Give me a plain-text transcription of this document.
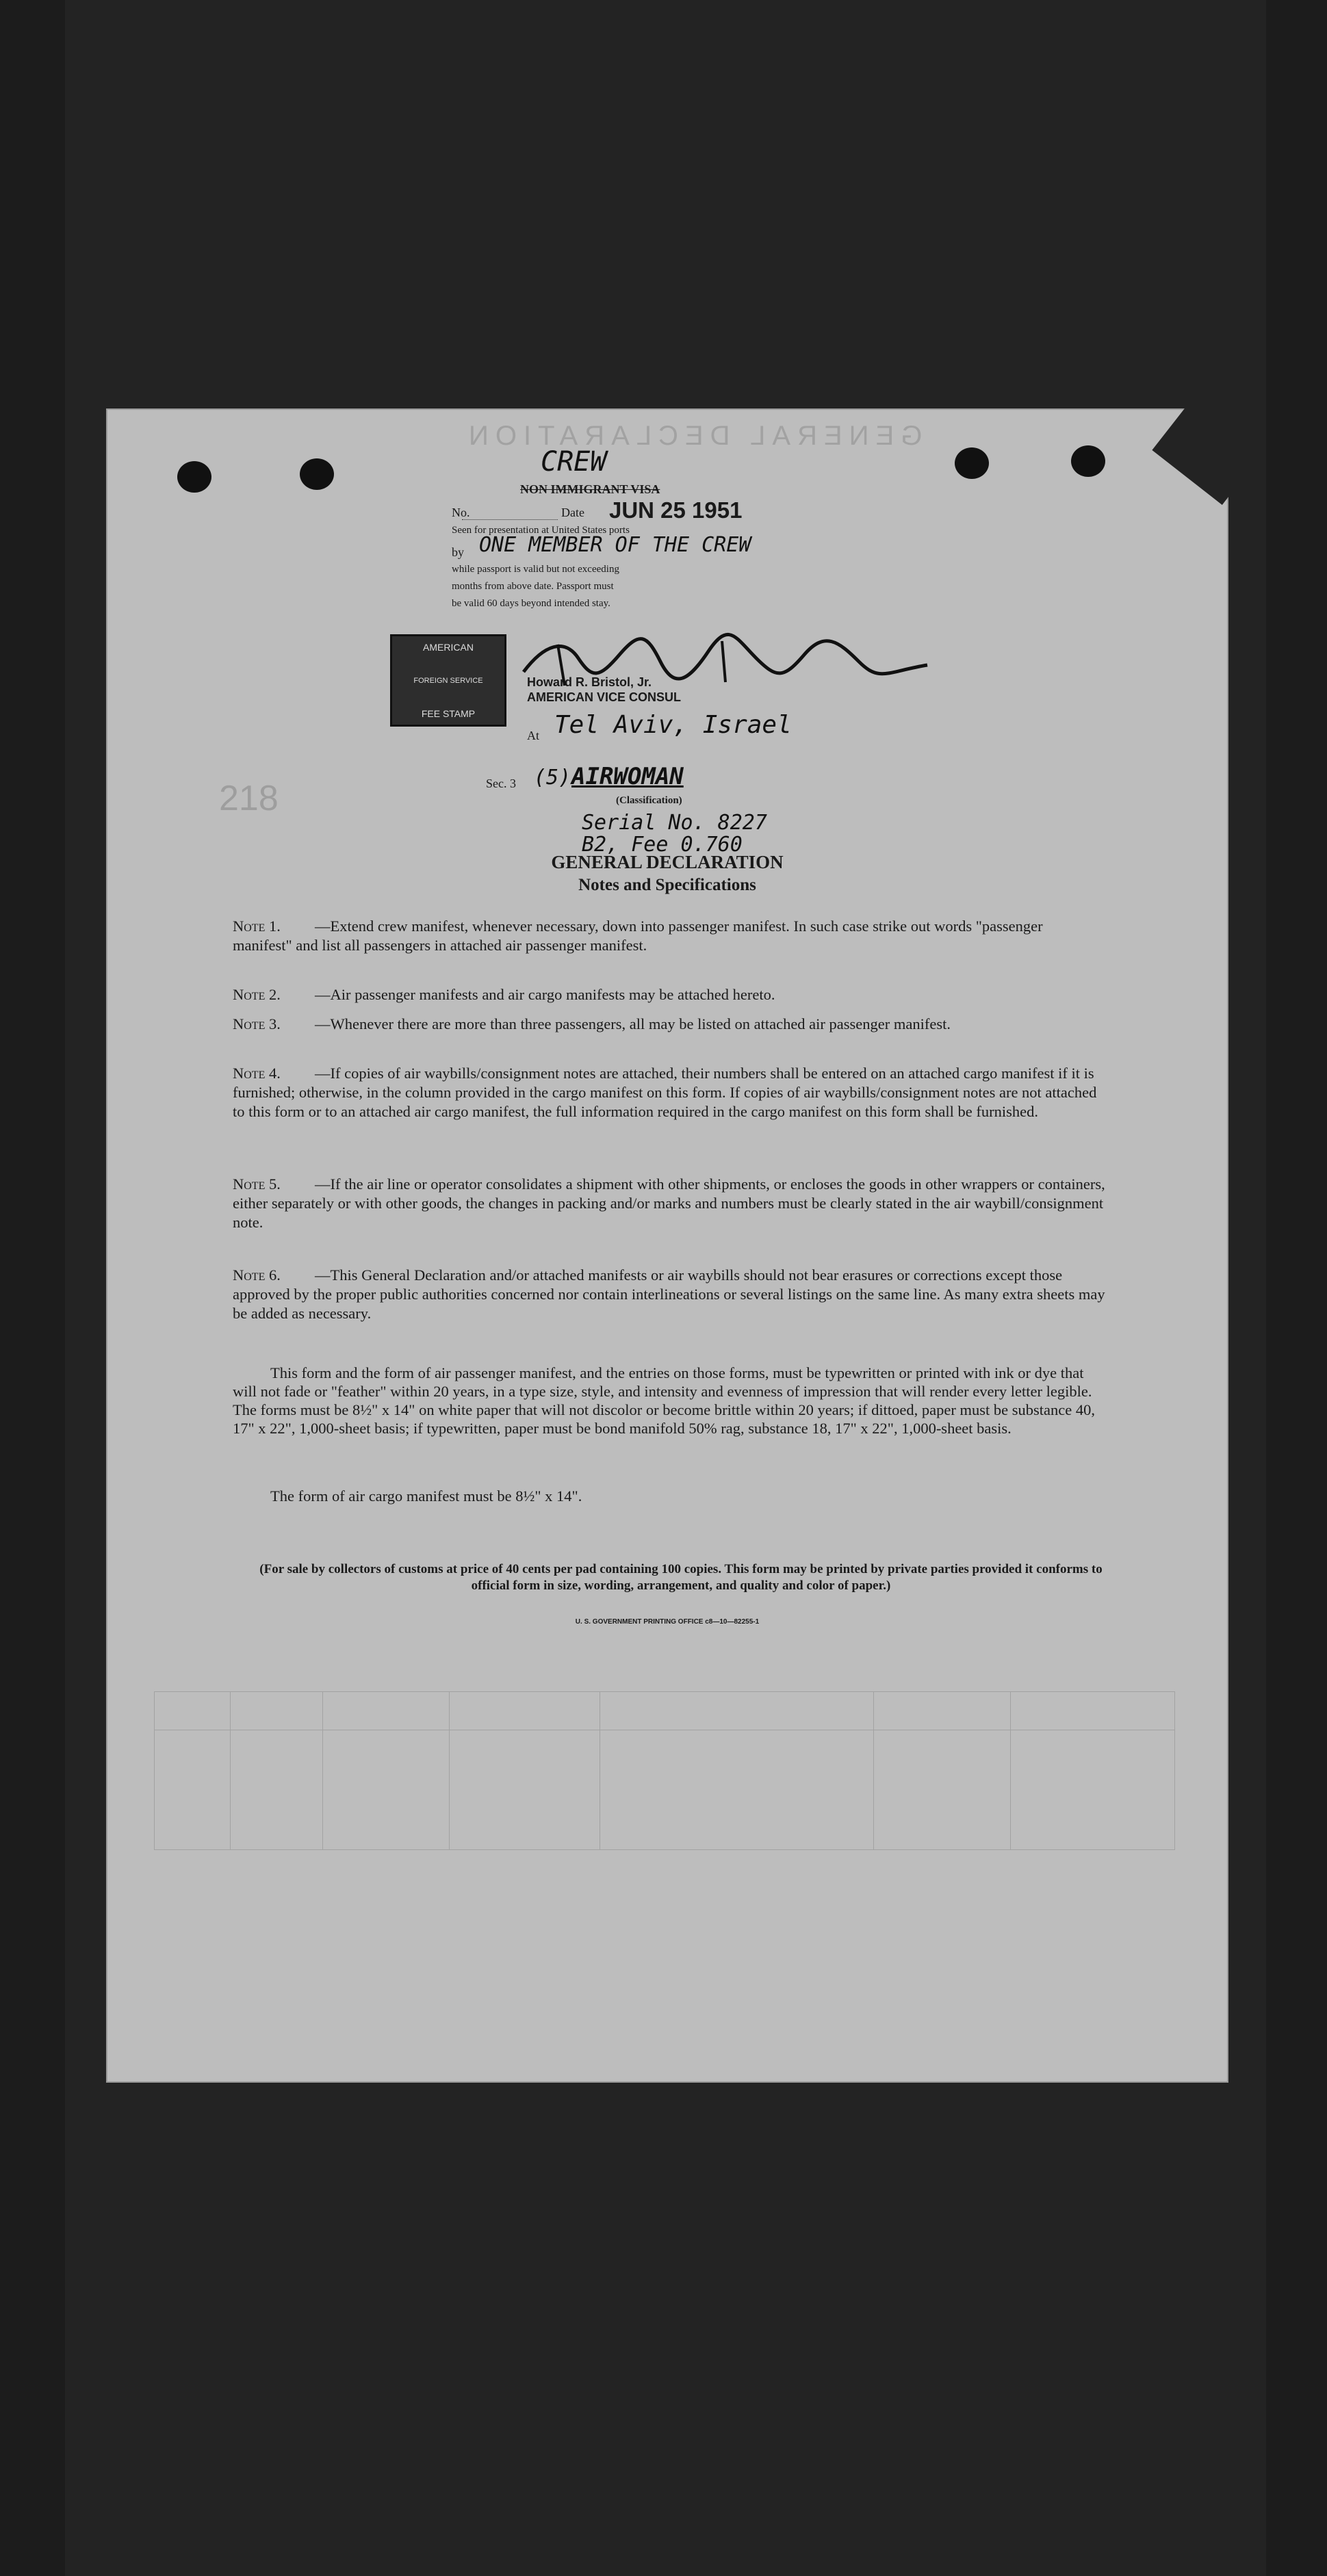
GENERAL DECLARATION
218
CREW
NON IMMIGRANT VISA
No.	Date JUN 25 1951
Seen for presentation at United States ports
by ONE MEMBER OF THE CREW
while passport is valid but not exceeding
months from above date. Passport must
be valid 60 days beyond intended stay.
Howard R. Bristol, Jr.
AMERICAN VICE CONSUL
At Tel Aviv, Israel
Sec. 3 (5) AIRWOMAN
(Classification)
Serial No. 8227
B2, Fee 0.760
AMERICAN
FOREIGN SERVICE
FEE STAMP
GENERAL DECLARATION
Notes and Specifications
Note 1. —Extend crew manifest, whenever necessary, down into passenger manifest. In such case strike out words "passenger manifest" and list all passengers in attached air passenger manifest.
Note 2. —Air passenger manifests and air cargo manifests may be attached hereto.
Note 3. —Whenever there are more than three passengers, all may be listed on attached air passenger manifest.
Note 4. —If copies of air waybills/consignment notes are attached, their numbers shall be entered on an attached cargo manifest if it is furnished; otherwise, in the column provided in the cargo manifest on this form. If copies of air waybills/consignment notes are not attached to this form or to an attached air cargo manifest, the full information required in the cargo manifest on this form shall be furnished.
Note 5. —If the air line or operator consolidates a shipment with other shipments, or encloses the goods in other wrappers or containers, either separately or with other goods, the changes in packing and/or marks and numbers must be clearly stated in the air waybill/consignment note.
Note 6. —This General Declaration and/or attached manifests or air waybills should not bear erasures or corrections except those approved by the proper public authorities concerned nor contain interlineations or several listings on the same line. As many extra sheets may be added as necessary.
This form and the form of air passenger manifest, and the entries on those forms, must be typewritten or printed with ink or dye that will not fade or "feather" within 20 years, in a type size, style, and intensity and evenness of impression that will render every letter legible. The forms must be 8½" x 14" on white paper that will not discolor or become brittle within 20 years; if dittoed, paper must be substance 40, 17" x 22", 1,000-sheet basis; if typewritten, paper must be bond manifold 50% rag, substance 18, 17" x 22", 1,000-sheet basis.
The form of air cargo manifest must be 8½" x 14".
(For sale by collectors of customs at price of 40 cents per pad containing 100 copies. This form may be printed by private parties provided it conforms to official form in size, wording, arrangement, and quality and color of paper.)
U. S. GOVERNMENT PRINTING OFFICE c8—10—82255-1
